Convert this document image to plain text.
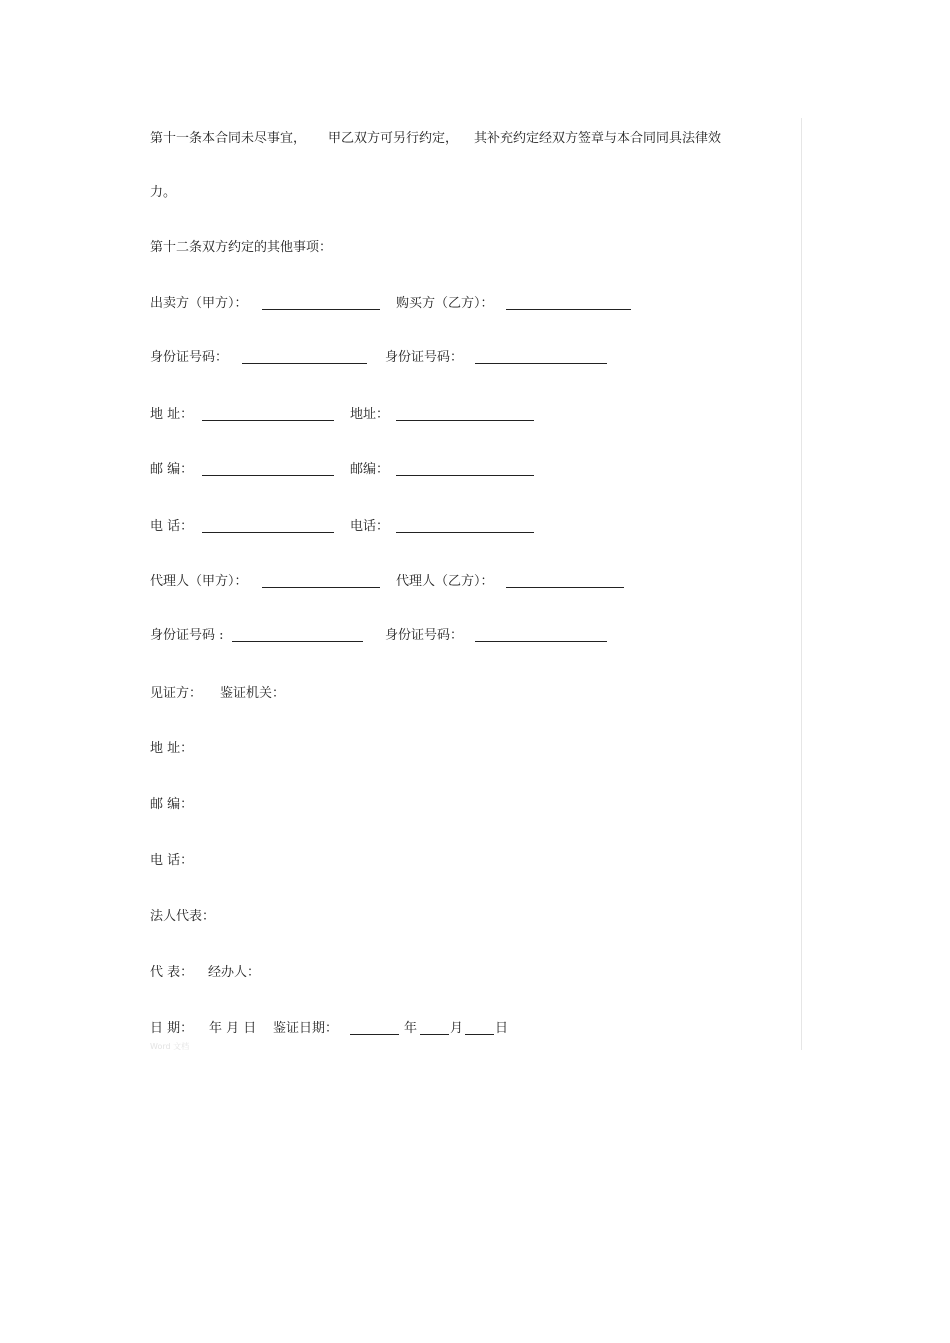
第十一条本合同未尽事宜， 甲乙双方可另行约定， 其补充约定经双方签章与本合同同具法律效
力。
第十二条双方约定的其他事项：
出卖方（甲方）：	购买方（乙方）：
身份证号码：	身份证号码：
地 址：	地址：
邮 编：	邮编：
电 话：	电话：
代理人（甲方）：	代理人（乙方）：
身份证号码 :	身份证号码：
见证方： 鉴证机关：
地 址：
邮 编：
电 话：
法人代表：
代 表： 经办人：
日 期： 年 月 日 鉴证日期：	年	月 日
Word 文档
